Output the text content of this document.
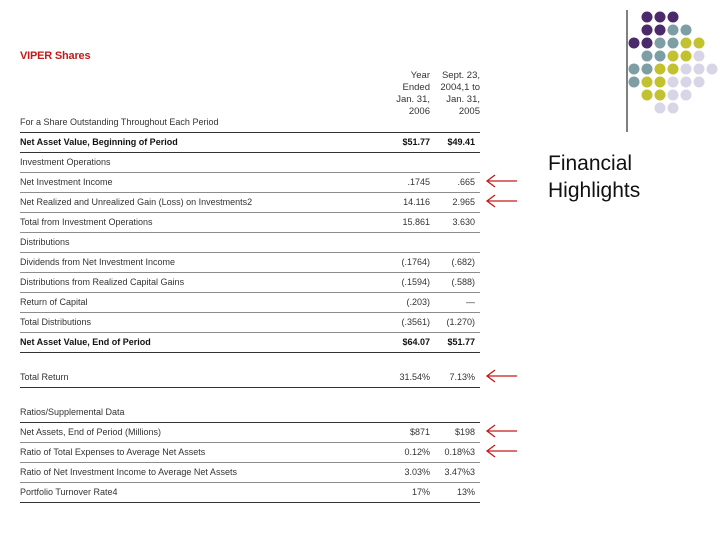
VIPER Shares
Year
Ended
Jan. 31,
2006
Sept. 23,
2004,1 to
Jan. 31,
2005
For a Share Outstanding Throughout Each Period
Net Asset Value, Beginning of Period	$51.77	$49.41
Investment Operations
Net Investment Income	.1745	.665
Net Realized and Unrealized Gain (Loss) on Investments2	14.116	2.965
Total from Investment Operations	15.861	3.630
Distributions
Dividends from Net Investment Income	(.1764)	(.682)
Distributions from Realized Capital Gains	(.1594)	(.588)
Return of Capital	(.203)	—
Total Distributions	(.3561)	(1.270)
Net Asset Value, End of Period	$64.07	$51.77
Total Return	31.54%	7.13%
Ratios/Supplemental Data
Net Assets, End of Period (Millions)	$871	$198
Ratio of Total Expenses to Average Net Assets	0.12%	0.18%3
Ratio of Net Investment Income to Average Net Assets	3.03%	3.47%3
Portfolio Turnover Rate4	17%	13%
Financial
Highlights
